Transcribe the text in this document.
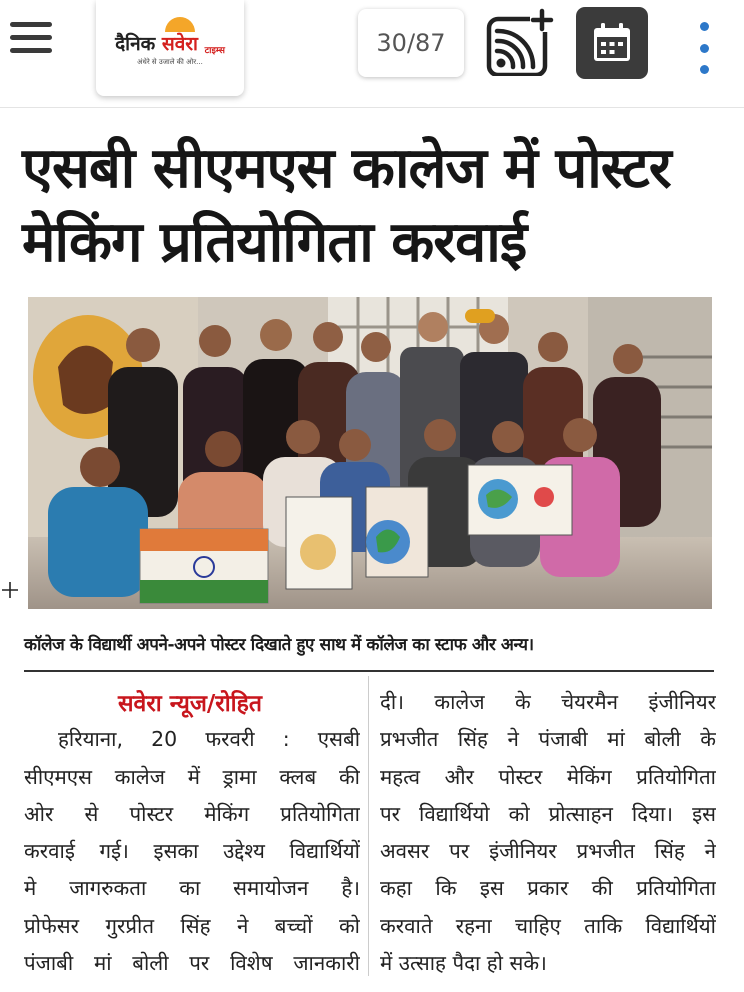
दैनिक सवेरा टाइम्स
अंधेरे से उजाले की ओर...
30/87
एसबी सीएमएस कालेज में पोस्टर
मेकिंग प्रतियोगिता करवाई
कॉलेज के विद्यार्थी अपने-अपने पोस्टर दिखाते हुए साथ में कॉलेज का स्टाफ और अन्य।
सवेरा न्यूज/रोहित
हरियाना, 20 फरवरी : एसबी
सीएमएस कालेज में ड्रामा क्लब की
ओर से पोस्टर मेकिंग प्रतियोगिता
करवाई गई। इसका उद्देश्य विद्यार्थियों
मे जागरुकता का समायोजन है।
प्रोफेसर गुरप्रीत सिंह ने बच्चों को
पंजाबी मां बोली पर विशेष जानकारी
दी। कालेज के चेयरमैन इंजीनियर
प्रभजीत सिंह ने पंजाबी मां बोली के
महत्व और पोस्टर मेकिंग प्रतियोगिता
पर विद्यार्थियो को प्रोत्साहन दिया। इस
अवसर पर इंजीनियर प्रभजीत सिंह ने
कहा कि इस प्रकार की प्रतियोगिता
करवाते रहना चाहिए ताकि विद्यार्थियों
में उत्साह पैदा हो सके।
